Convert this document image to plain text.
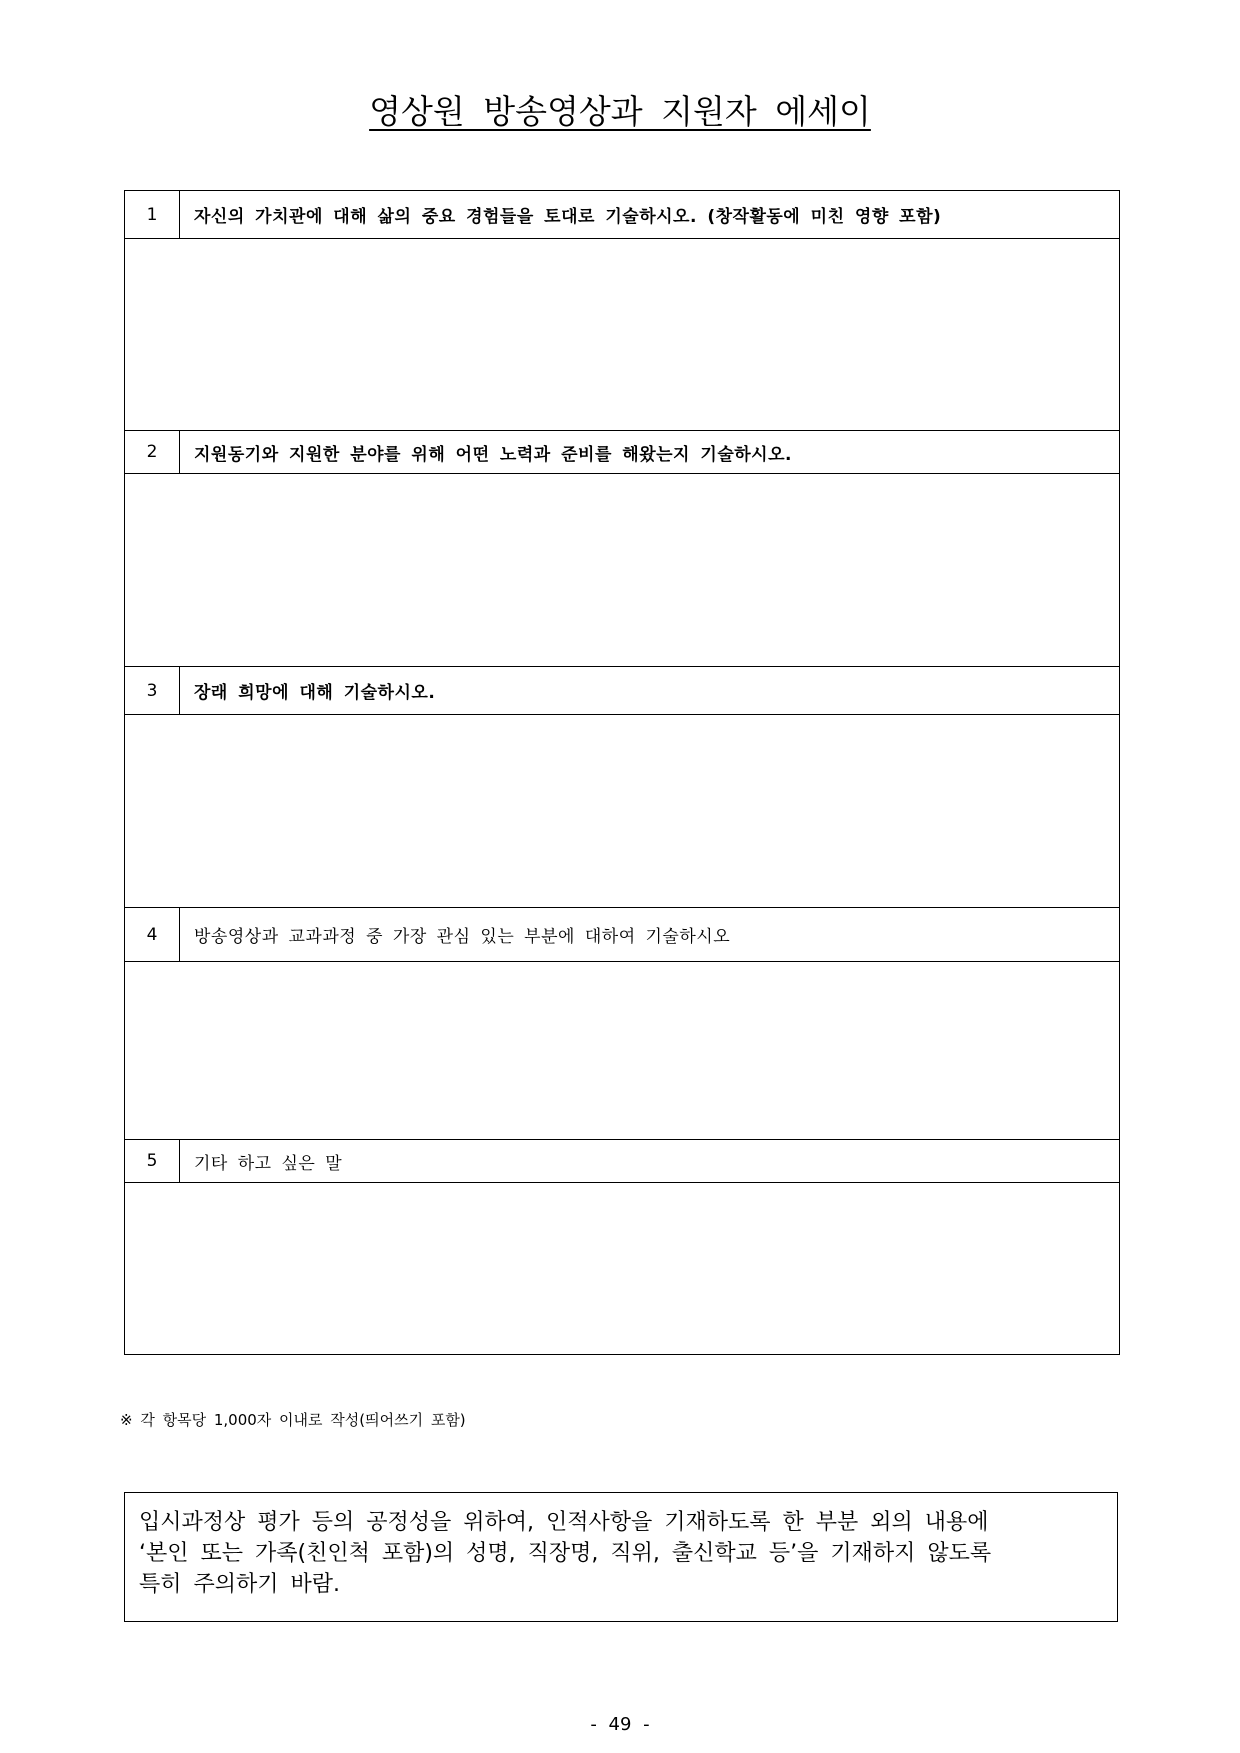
영상원 방송영상과 지원자 에세이
1	자신의 가치관에 대해 삶의 중요 경험들을 토대로 기술하시오. (창작활동에 미친 영향 포함)

2	지원동기와 지원한 분야를 위해 어떤 노력과 준비를 해왔는지 기술하시오.

3	장래 희망에 대해 기술하시오.

4	방송영상과 교과과정 중 가장 관심 있는 부분에 대하여 기술하시오

5	기타 하고 싶은 말

※ 각 항목당 1,000자 이내로 작성(띄어쓰기 포함)
입시과정상 평가 등의 공정성을 위하여, 인적사항을 기재하도록 한 부분 외의 내용에
‘본인 또는 가족(친인척 포함)의 성명, 직장명, 직위, 출신학교 등’을 기재하지 않도록
특히 주의하기 바람.
- 49 -
